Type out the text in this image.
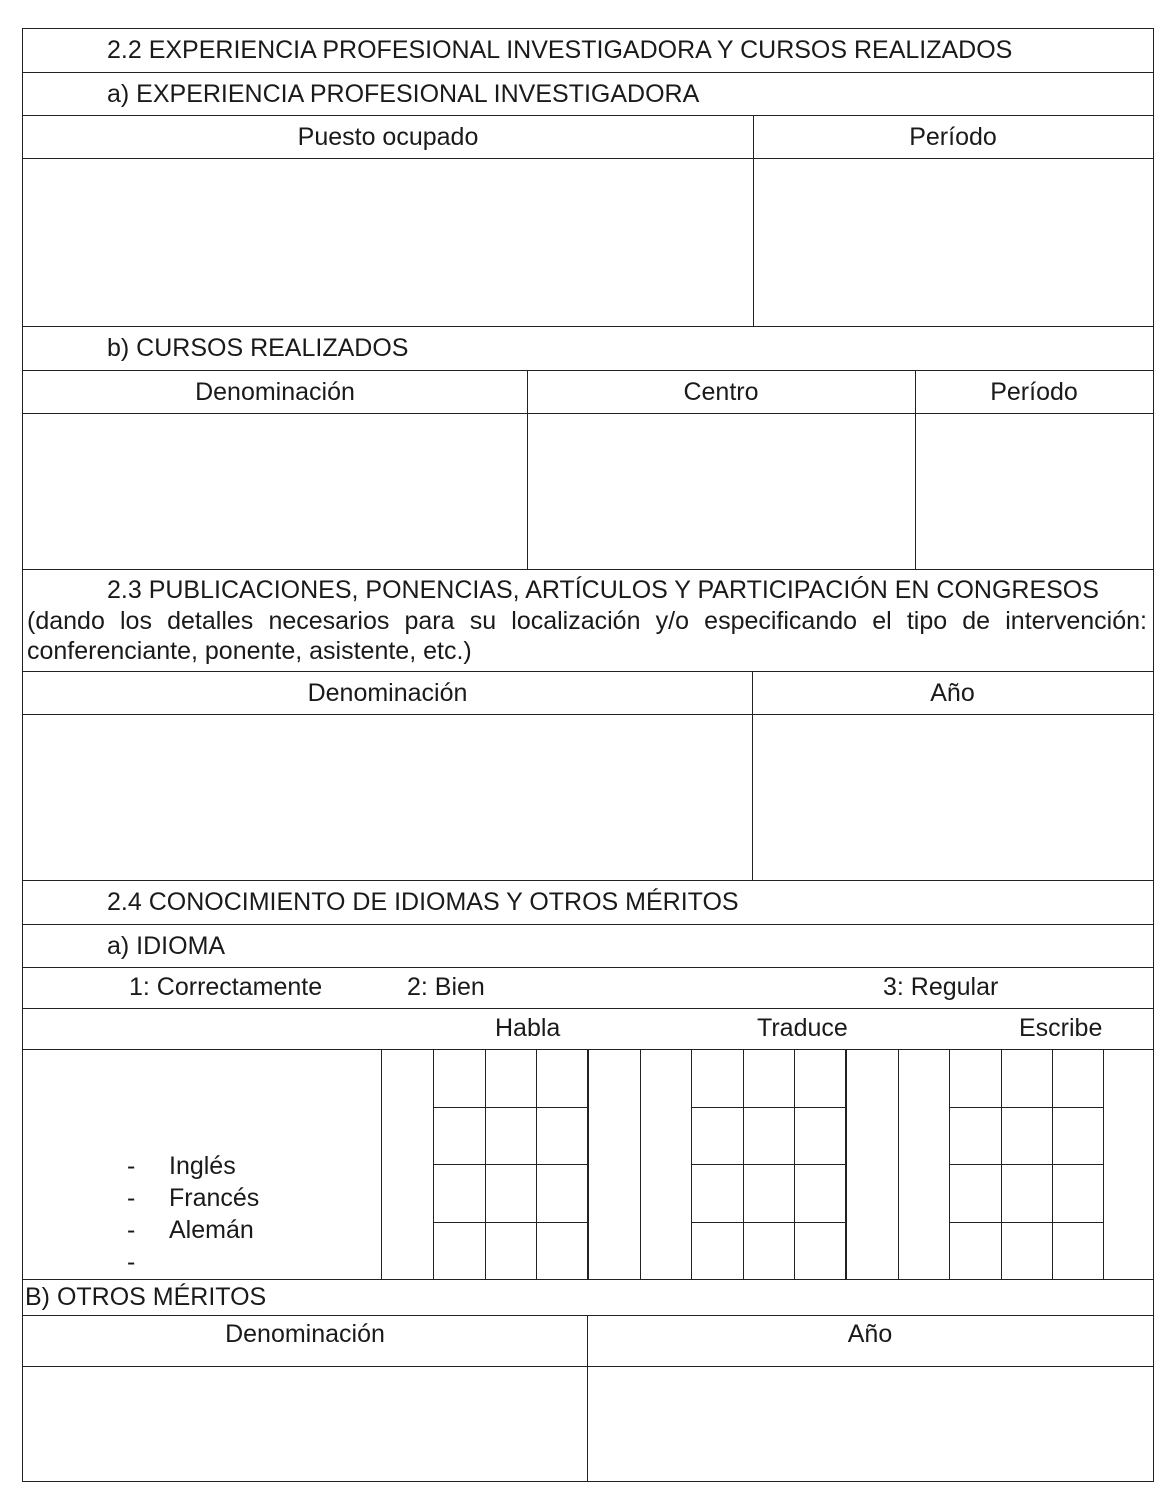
2.2 EXPERIENCIA PROFESIONAL INVESTIGADORA Y CURSOS REALIZADOS
a) EXPERIENCIA PROFESIONAL INVESTIGADORA
Puesto ocupado	Período
b) CURSOS REALIZADOS
Denominación	Centro	Período
2.3 PUBLICACIONES, PONENCIAS, ARTÍCULOS Y PARTICIPACIÓN EN CONGRESOS
(dando los detalles necesarios para su localización y/o especificando el tipo de intervención: conferenciante, ponente, asistente, etc.)
Denominación	Año
2.4 CONOCIMIENTO DE IDIOMAS Y OTROS MÉRITOS
a) IDIOMA
1: Correctamente	2: Bien	3: Regular
Habla	Traduce	Escribe
- Inglés
- Francés
- Alemán
-
B) OTROS MÉRITOS
Denominación	Año
